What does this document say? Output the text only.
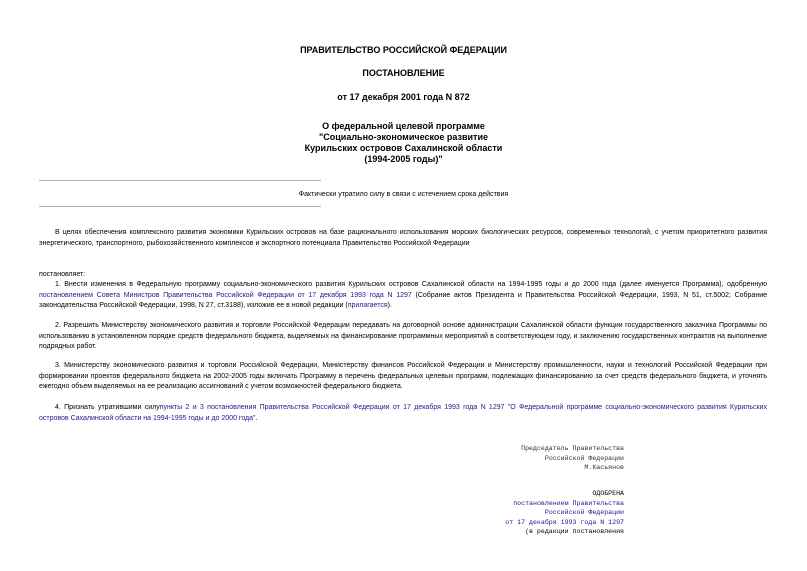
ПРАВИТЕЛЬСТВО РОССИЙСКОЙ ФЕДЕРАЦИИ
ПОСТАНОВЛЕНИЕ
от 17 декабря 2001 года N 872
О федеральной целевой программе
"Социально-экономическое развитие
Курильских островов Сахалинской области
(1994-2005 годы)"
Фактически утратило силу в связи с истечением срока действия
В целях обеспечения комплексного развития экономики Курильских островов на базе рационального использования морских биологических ресурсов, современных технологий, с учетом приоритетного развития энергетического, транспортного, рыбохозяйственного комплексов и экспортного потенциала Правительство Российской Федерации
постановляет:
1. Внести изменения в Федеральную программу социально-экономического развития Курильских островов Сахалинской области на 1994-1995 годы и до 2000 года (далее именуется Программа), одобренную постановлением Совета Министров Правительства Российской Федерации от 17 декабря 1993 года N 1297 (Собрание актов Президента и Правительства Российской Федерации, 1993, N 51, ст.5002; Собрание законодательства Российской Федерации, 1998, N 27, ст.3188), изложив ее в новой редакции (прилагается).
2. Разрешить Министерству экономического развития и торговли Российской Федерации передавать на договорной основе администрации Сахалинской области функции государственного заказчика Программы по использованию в установленном порядке средств федерального бюджета, выделяемых на финансирование программных мероприятий в соответствующем году, и заключению государственных контрактов на выполнение подрядных работ.
3. Министерству экономического развития и торговли Российской Федерации, Министерству финансов Российской Федерации и Министерству промышленности, науки и технологий Российской Федерации при формировании проектов федерального бюджета на 2002-2005 годы включать Программу в перечень федеральных целевых программ, подлежащих финансированию за счет средств федерального бюджета, и уточнять ежегодно объем выделяемых на ее реализацию ассигнований с учетом возможностей федерального бюджета.
4. Признать утратившими силупункты 2 и 3 постановления Правительства Российской Федерации от 17 декабря 1993 года N 1297 "О Федеральной программе социально-экономического развития Курильских островов Сахалинской области на 1994-1995 годы и до 2000 года".
Председатель Правительства
Российской Федерации
М.Касьянов
ОДОБРЕНА
постановлением Правительства
Российской Федерации
от 17 декабря 1993 года N 1297
(в редакции постановления
